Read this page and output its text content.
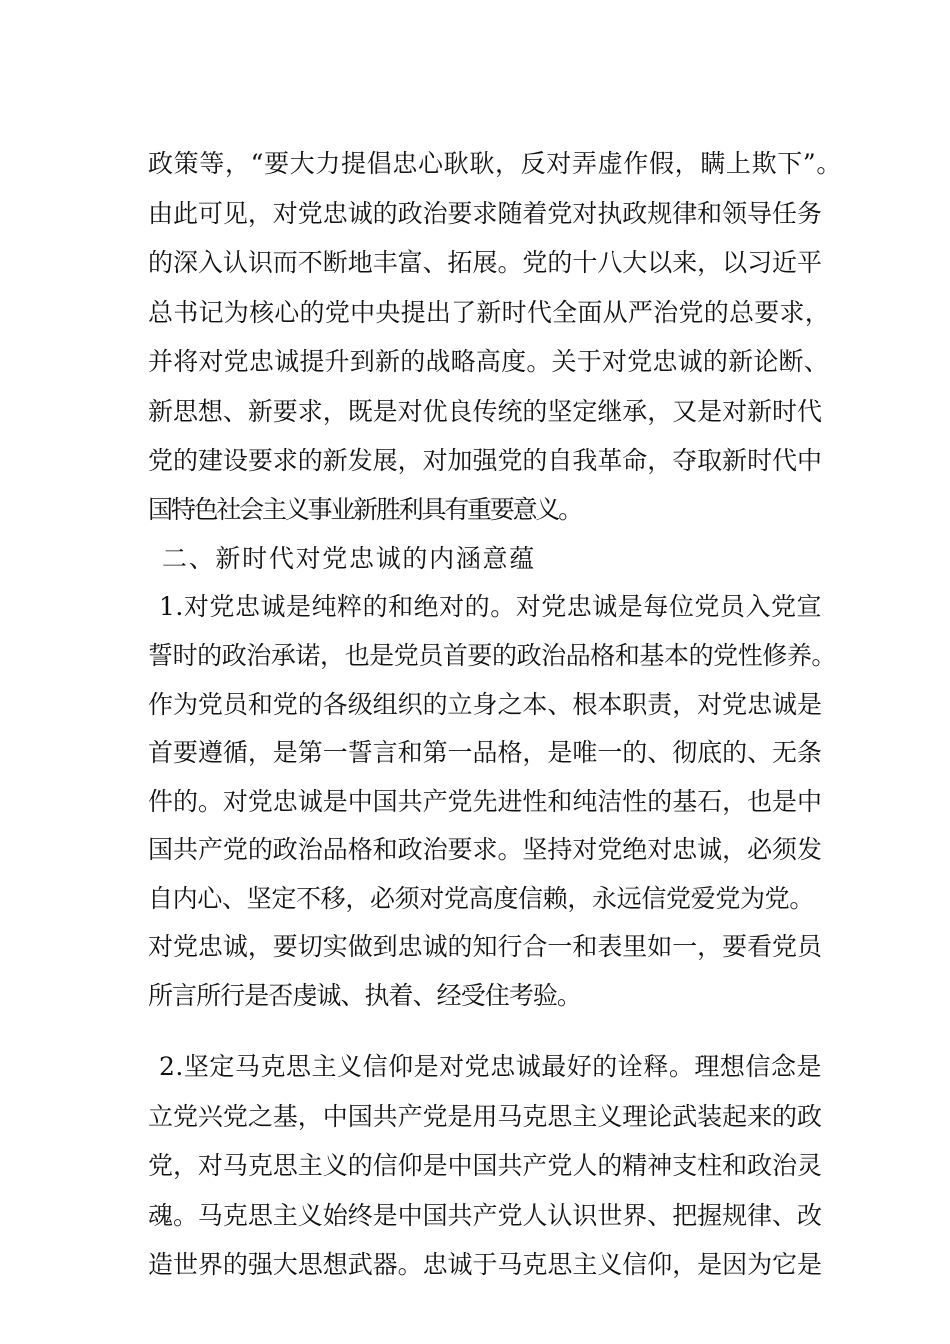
政策等，“要大力提倡忠心耿耿，反对弄虚作假，瞒上欺下”。
由此可见，对党忠诚的政治要求随着党对执政规律和领导任务
的深入认识而不断地丰富、拓展。党的十八大以来，以习近平
总书记为核心的党中央提出了新时代全面从严治党的总要求，
并将对党忠诚提升到新的战略高度。关于对党忠诚的新论断、
新思想、新要求，既是对优良传统的坚定继承，又是对新时代
党的建设要求的新发展，对加强党的自我革命，夺取新时代中
国特色社会主义事业新胜利具有重要意义。
二、新时代对党忠诚的内涵意蕴
1.对党忠诚是纯粹的和绝对的。对党忠诚是每位党员入党宣
誓时的政治承诺，也是党员首要的政治品格和基本的党性修养。
作为党员和党的各级组织的立身之本、根本职责，对党忠诚是
首要遵循，是第一誓言和第一品格，是唯一的、彻底的、无条
件的。对党忠诚是中国共产党先进性和纯洁性的基石，也是中
国共产党的政治品格和政治要求。坚持对党绝对忠诚，必须发
自内心、坚定不移，必须对党高度信赖，永远信党爱党为党。
对党忠诚，要切实做到忠诚的知行合一和表里如一，要看党员
所言所行是否虔诚、执着、经受住考验。
2.坚定马克思主义信仰是对党忠诚最好的诠释。理想信念是
立党兴党之基，中国共产党是用马克思主义理论武装起来的政
党，对马克思主义的信仰是中国共产党人的精神支柱和政治灵
魂。马克思主义始终是中国共产党人认识世界、把握规律、改
造世界的强大思想武器。忠诚于马克思主义信仰，是因为它是
